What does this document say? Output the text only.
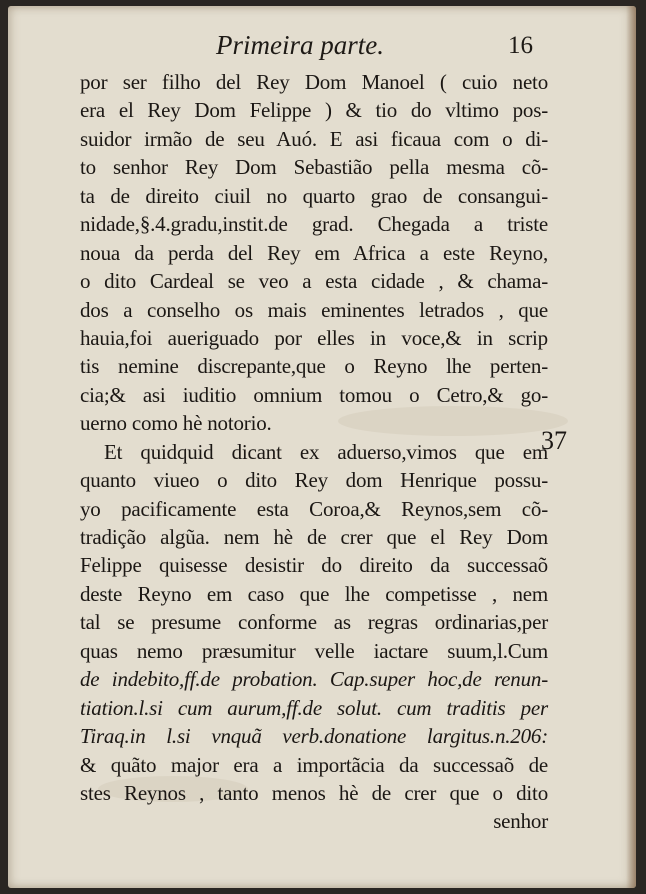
Primeira parte.	16
por ser filho del Rey Dom Manoel ( cuio neto
era el Rey Dom Felippe ) & tio do vltimo pos-
suidor irmão de seu Auó. E asi ficaua com o di-
to senhor Rey Dom Sebastião pella mesma cõ-
ta de direito ciuil no quarto grao de consangui-
nidade,§.4.gradu,instit.de grad. Chegada a triste
noua da perda del Rey em Africa a este Reyno,
o dito Cardeal se veo a esta cidade , & chama-
dos a conselho os mais eminentes letrados , que
hauia,foi aueriguado por elles in voce,& in scrip
tis nemine discrepante,que o Reyno lhe perten-
cia;& asi iuditio omnium tomou o Cetro,& go-
uerno como hè notorio.
Et quidquid dicant ex aduerso,vimos que em
quanto viueo o dito Rey dom Henrique possu-
yo pacificamente esta Coroa,& Reynos,sem cõ-
tradição algũa. nem hè de crer que el Rey Dom
Felippe quisesse desistir do direito da successaõ
deste Reyno em caso que lhe competisse , nem
tal se presume conforme as regras ordinarias,per
quas nemo præsumitur velle iactare suum,l.Cum
de indebito,ff.de probation. Cap.super hoc,de renun-
tiation.l.si cum aurum,ff.de solut. cum traditis per
Tiraq.in l.si vnquã verb.donatione largitus.n.206:
& quãto major era a importãcia da successaõ de
stes Reynos , tanto menos hè de crer que o dito
senhor
37
